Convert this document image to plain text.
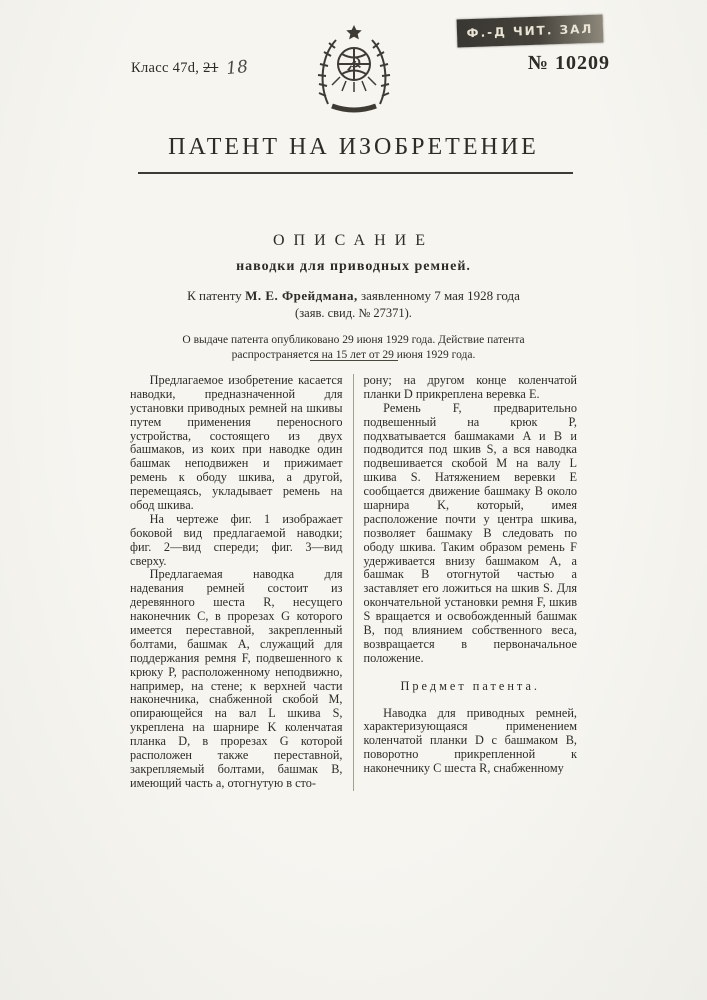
Ф.-Д ЧИТ. ЗАЛ
Класс 47d, 21 18	☭	№ 10209
ПАТЕНТ НА ИЗОБРЕТЕНИЕ
ОПИСАНИЕ

наводки для приводных ремней.

К патенту М. Е. Фрейдмана, заявленному 7 мая 1928 года

(заяв. свид. № 27371).

О выдаче патента опубликовано 29 июня 1929 года. Действие патента распространяется на 15 лет от 29 июня 1929 года.

Предлагаемое изобретение касается наводки, предназначенной для установки приводных ремней на шкивы путем применения переносного устройства, состоящего из двух башмаков, из коих при наводке один башмак неподвижен и прижимает ремень к ободу шкива, а другой, перемещаясь, укладывает ремень на обод шкива.

На чертеже фиг. 1 изображает боковой вид предлагаемой наводки; фиг. 2—вид спереди; фиг. 3—вид сверху.

Предлагаемая наводка для надевания ремней состоит из деревянного шеста R, несущего наконечник C, в прорезах G которого имеется переставной, закрепленный болтами, башмак A, служащий для поддержания ремня F, подвешенного к крюку P, расположенному неподвижно, например, на стене; к верхней части наконечника, снабженной скобой M, опирающейся на вал L шкива S, укреплена на шарнире K коленчатая планка D, в прорезах G которой расположен также переставной, закрепляемый болтами, башмак B, имеющий часть a, отогнутую в сто-

рону; на другом конце коленчатой планки D прикреплена веревка E.

Ремень F, предварительно подвешенный на крюк P, подхватывается башмаками A и B и подводится под шкив S, а вся наводка подвешивается скобой M на валу L шкива S. Натяжением веревки E сообщается движение башмаку B около шарнира K, который, имея расположение почти у центра шкива, позволяет башмаку B следовать по ободу шкива. Таким образом ремень F удерживается внизу башмаком A, а башмак B отогнутой частью a заставляет его ложиться на шкив S. Для окончательной установки ремня F, шкив S вращается и освобожденный башмак B, под влиянием собственного веса, возвращается в первоначальное положение.

Предмет патента.

Наводка для приводных ремней, характеризующаяся применением коленчатой планки D с башмаком B, поворотно прикрепленной к наконечнику C шеста R, снабженному
